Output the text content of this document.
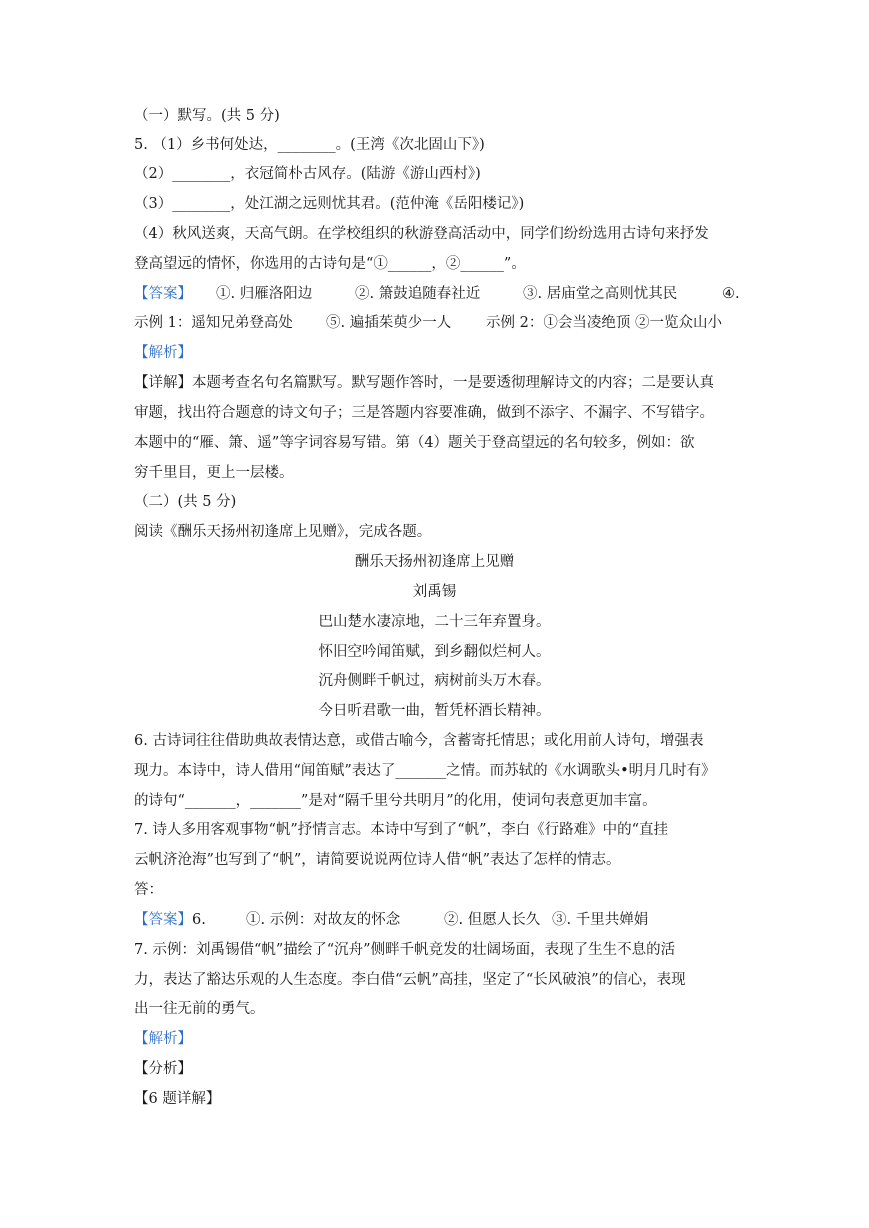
（一）默写。(共 5 分)
5. （1）乡书何处达，________。(王湾《次北固山下》)
（2）________，衣冠简朴古风存。(陆游《游山西村》)
（3）________，处江湖之远则忧其君。(范仲淹《岳阳楼记》)
（4）秋风送爽，天高气朗。在学校组织的秋游登高活动中，同学们纷纷选用古诗句来抒发
登高望远的情怀，你选用的古诗句是“①______，②______”。
【答案】 ①. 归雁洛阳边	②. 箫鼓追随春社近	③. 居庙堂之高则忧其民	④.
示例 1：遥知兄弟登高处 ⑤. 遍插茱萸少一人 示例 2：①会当凌绝顶 ②一览众山小
【解析】
【详解】本题考查名句名篇默写。默写题作答时，一是要透彻理解诗文的内容；二是要认真
审题，找出符合题意的诗文句子；三是答题内容要准确，做到不添字、不漏字、不写错字。
本题中的“雁、箫、遥”等字词容易写错。第（4）题关于登高望远的名句较多，例如：欲
穷千里目，更上一层楼。
（二）(共 5 分)
阅读《酬乐天扬州初逢席上见赠》，完成各题。
酬乐天扬州初逢席上见赠
刘禹锡
巴山楚水凄凉地，二十三年弃置身。
怀旧空吟闻笛赋，到乡翻似烂柯人。
沉舟侧畔千帆过，病树前头万木春。
今日听君歌一曲，暂凭杯酒长精神。
6. 古诗词往往借助典故表情达意，或借古喻今，含蓄寄托情思；或化用前人诗句，增强表
现力。本诗中，诗人借用“闻笛赋”表达了_______之情。而苏轼的《水调歌头•明月几时有》
的诗句“_______，_______”是对“隔千里兮共明月”的化用，使词句表意更加丰富。
7. 诗人多用客观事物“帆”抒情言志。本诗中写到了“帆”，李白《行路难》中的“直挂
云帆济沧海”也写到了“帆”，请简要说说两位诗人借“帆”表达了怎样的情志。
答：
【答案】6.	①. 示例：对故友的怀念	②. 但愿人长久 ③. 千里共婵娟
7. 示例：刘禹锡借“帆”描绘了“沉舟”侧畔千帆竞发的壮阔场面，表现了生生不息的活
力，表达了豁达乐观的人生态度。李白借“云帆”高挂，坚定了“长风破浪”的信心，表现
出一往无前的勇气。
【解析】
【分析】
【6 题详解】
